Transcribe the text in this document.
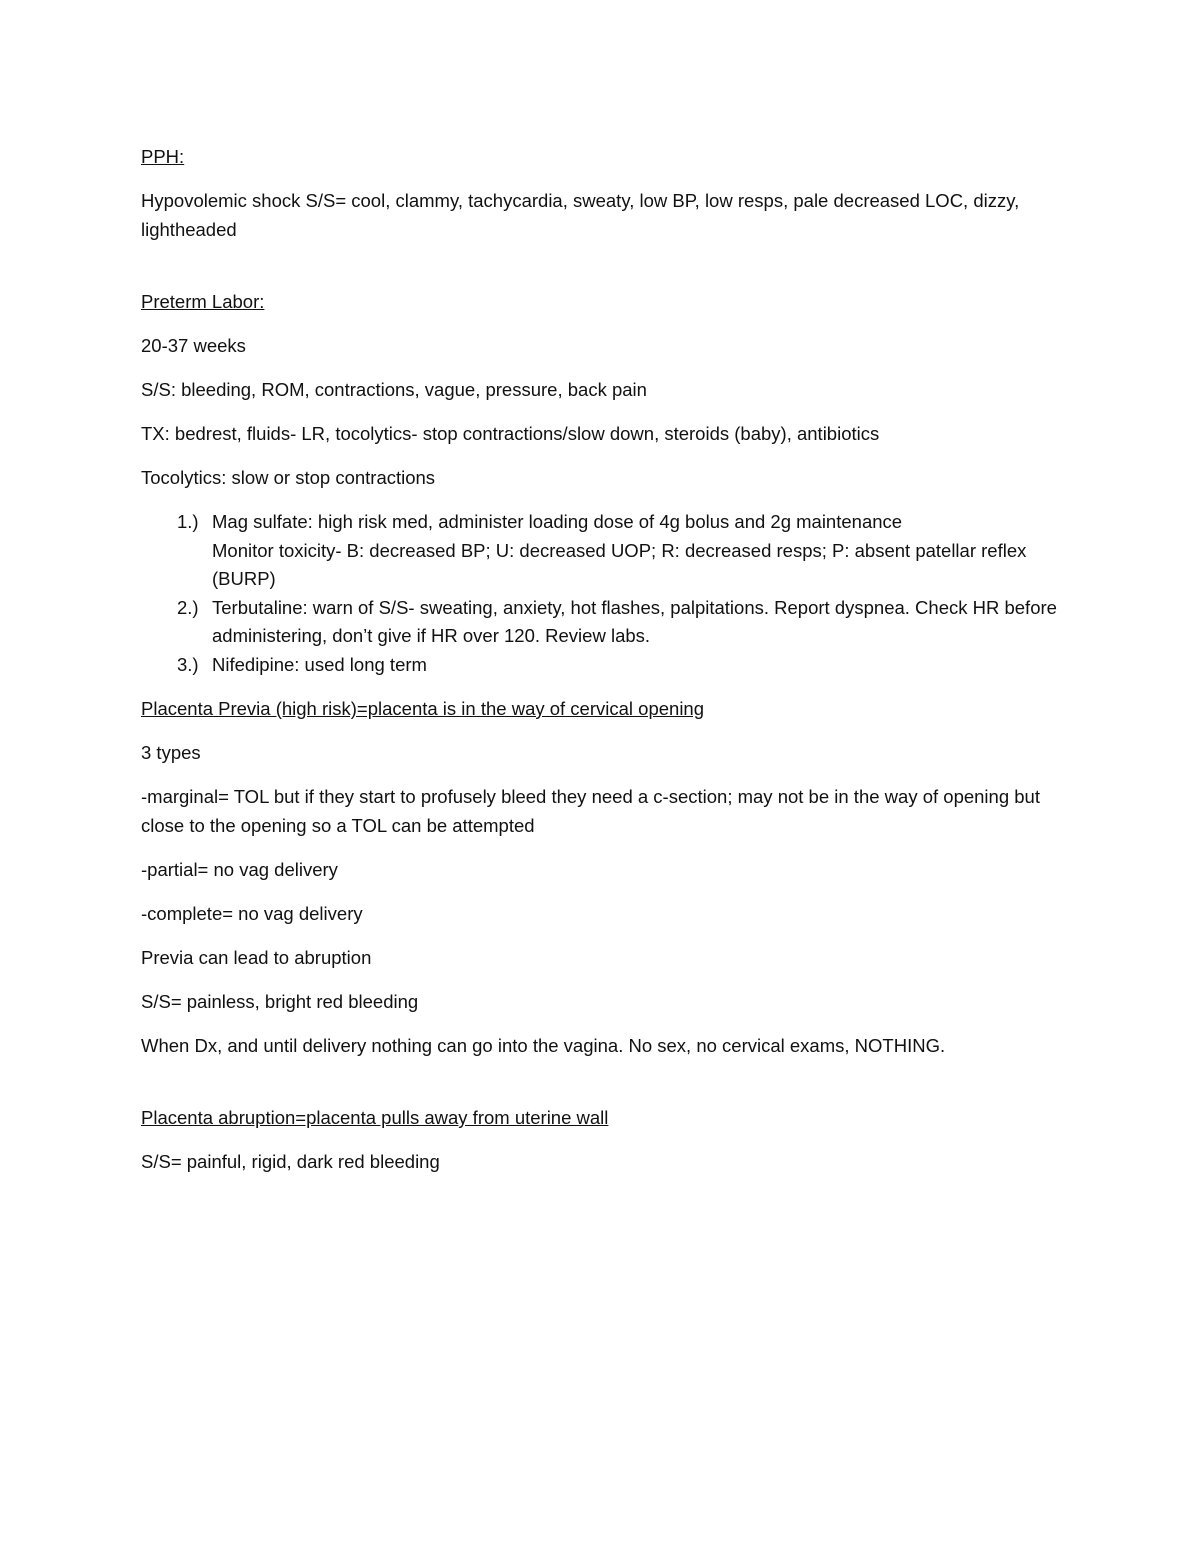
PPH:

Hypovolemic shock S/S= cool, clammy, tachycardia, sweaty, low BP, low resps, pale decreased LOC, dizzy, lightheaded

Preterm Labor:

20-37 weeks

S/S: bleeding, ROM, contractions, vague, pressure, back pain

TX: bedrest, fluids- LR, tocolytics- stop contractions/slow down, steroids (baby), antibiotics

Tocolytics: slow or stop contractions

1.) Mag sulfate: high risk med, administer loading dose of 4g bolus and 2g maintenance
Monitor toxicity- B: decreased BP; U: decreased UOP; R: decreased resps; P: absent patellar reflex (BURP)
2.) Terbutaline: warn of S/S- sweating, anxiety, hot flashes, palpitations. Report dyspnea. Check HR before administering, don’t give if HR over 120. Review labs.
3.) Nifedipine: used long term

Placenta Previa (high risk)=placenta is in the way of cervical opening

3 types

-marginal= TOL but if they start to profusely bleed they need a c-section; may not be in the way of opening but close to the opening so a TOL can be attempted

-partial= no vag delivery

-complete= no vag delivery

Previa can lead to abruption

S/S= painless, bright red bleeding

When Dx, and until delivery nothing can go into the vagina. No sex, no cervical exams, NOTHING.

Placenta abruption=placenta pulls away from uterine wall

S/S= painful, rigid, dark red bleeding
